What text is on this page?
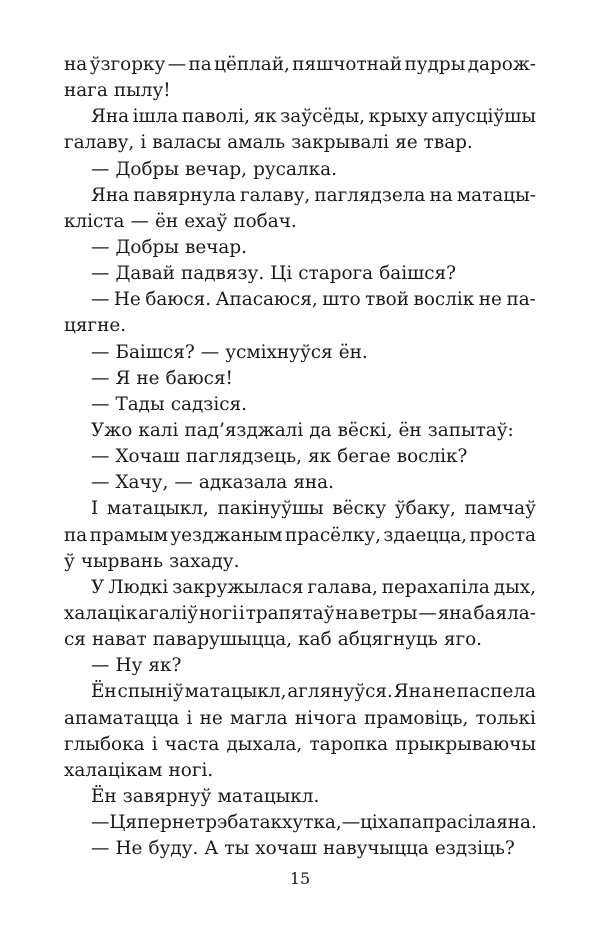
на ўзгорку — па цёплай, пяшчотнай пудры дарож-
нага пылу!
Яна ішла паволі, як заўсёды, крыху апусціўшы
галаву, і валасы амаль закрывалі яе твар.
— Добры вечар, русалка.
Яна павярнула галаву, паглядзела на матацы-
кліста — ён ехаў побач.
— Добры вечар.
— Давай падвязу. Ці старога баішся?
— Не баюся. Апасаюся, што твой вослік не па-
цягне.
— Баішся? — усміхнуўся ён.
— Я не баюся!
— Тады садзіся.
Ужо калі пад’язджалі да вёскі, ён запытаў:
— Хочаш паглядзець, як бегае вослік?
— Хачу, — адказала яна.
І матацыкл, пакінуўшы вёску ўбаку, памчаў
па прамым уезджаным прасёлку, здаецца, проста
ў чырвань захаду.
У Людкі закружылася галава, перахапіла дых,
халацік агаліў ногі і трапятаў на ветры — яна баяла-
ся нават паварушыцца, каб абцягнуць яго.
— Ну як?
Ён спыніў матацыкл, аглянуўся. Яна не паспела
апаматацца і не магла нічога прамовіць, толькі
глыбока і часта дыхала, таропка прыкрываючы
халацікам ногі.
Ён завярнуў матацыкл.
— Цяпер не трэба так хутка, — ціха папрасіла яна.
— Не буду. А ты хочаш навучыцца ездзіць?
15
